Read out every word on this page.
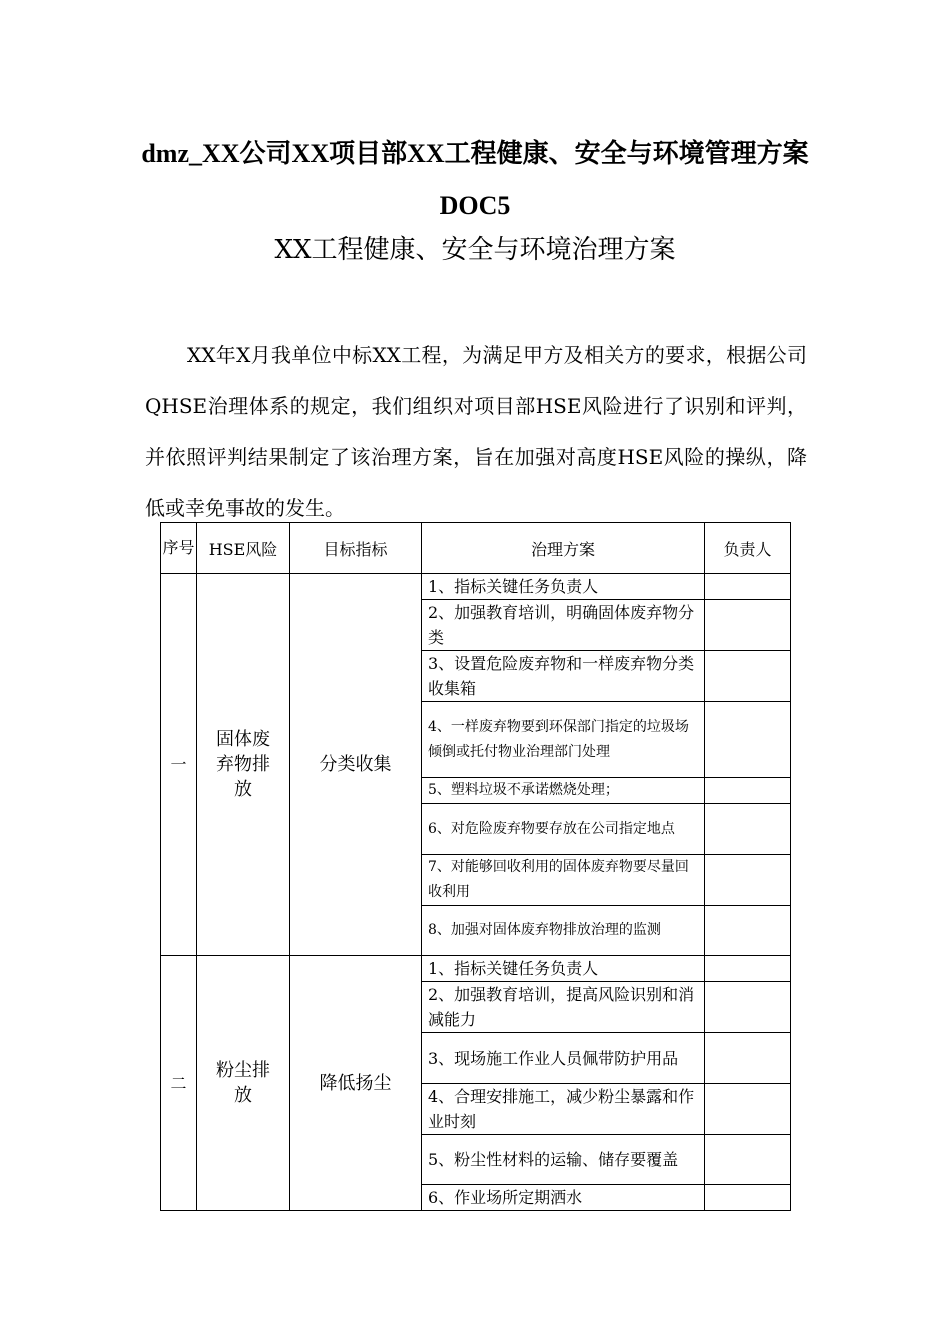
dmz_XX公司XX项目部XX工程健康、安全与环境管理方案DOC5
XX工程健康、安全与环境治理方案

XX年X月我单位中标XX工程，为满足甲方及相关方的要求，根据公司QHSE治理体系的规定，我们组织对项目部HSE风险进行了识别和评判，并依照评判结果制定了该治理方案，旨在加强对高度HSE风险的操纵，降低或幸免事故的发生。

序号	HSE风险	目标指标	治理方案	负责人
一	固体废弃物排放	分类收集	1、指标关键任务负责人	
			2、加强教育培训，明确固体废弃物分类	
			3、设置危险废弃物和一样废弃物分类收集箱	
			4、一样废弃物要到环保部门指定的垃圾场倾倒或托付物业治理部门处理	
			5、塑料垃圾不承诺燃烧处理；	
			6、对危险废弃物要存放在公司指定地点	
			7、对能够回收利用的固体废弃物要尽量回收利用	
			8、加强对固体废弃物排放治理的监测	
二	粉尘排放	降低扬尘	1、指标关键任务负责人	
			2、加强教育培训，提高风险识别和消减能力	
			3、现场施工作业人员佩带防护用品	
			4、合理安排施工，减少粉尘暴露和作业时刻	
			5、粉尘性材料的运输、储存要覆盖	
			6、作业场所定期洒水	
